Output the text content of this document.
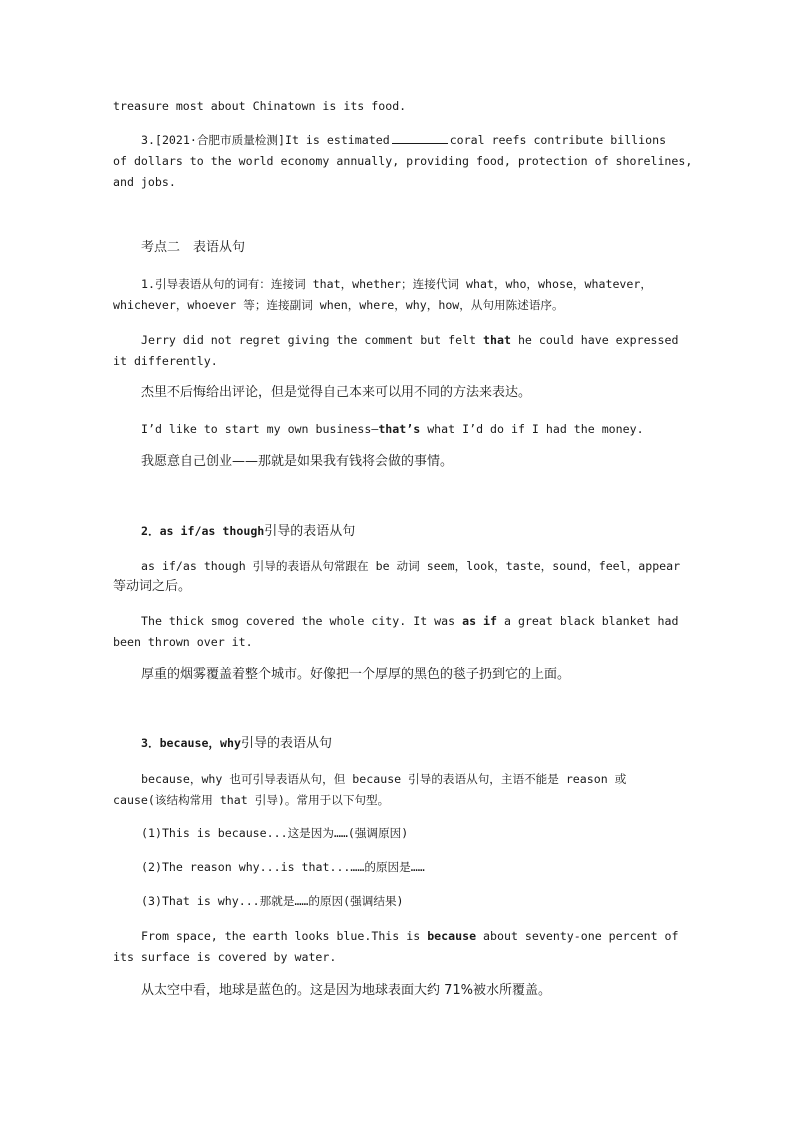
treasure most about Chinatown is its food.
3.[2021·合肥市质量检测]It is estimated	coral reefs contribute billions
of dollars to the world economy annually, providing food, protection of shorelines,
and jobs.
考点二　表语从句
1.引导表语从句的词有：连接词 that，whether；连接代词 what，who，whose，whatever，
whichever，whoever 等；连接副词 when，where，why，how，从句用陈述语序。
Jerry did not regret giving the comment but felt that he could have expressed
it differently.
杰里不后悔给出评论，但是觉得自己本来可以用不同的方法来表达。
I’d like to start my own business—that’s what I’d do if I had the money.
我愿意自己创业——那就是如果我有钱将会做的事情。
2．as if/as though引导的表语从句
as if/as though 引导的表语从句常跟在 be 动词 seem，look，taste，sound，feel，appear
等动词之后。
The thick smog covered the whole city. It was as if a great black blanket had
been thrown over it.
厚重的烟雾覆盖着整个城市。好像把一个厚厚的黑色的毯子扔到它的上面。
3．because，why引导的表语从句
because，why 也可引导表语从句，但 because 引导的表语从句，主语不能是 reason 或
cause(该结构常用 that 引导)。常用于以下句型。
(1)This is because...这是因为……(强调原因)
(2)The reason why...is that...……的原因是……
(3)That is why...那就是……的原因(强调结果)
From space, the earth looks blue.This is because about seventy-one percent of
its surface is covered by water.
从太空中看，地球是蓝色的。这是因为地球表面大约 71%被水所覆盖。
